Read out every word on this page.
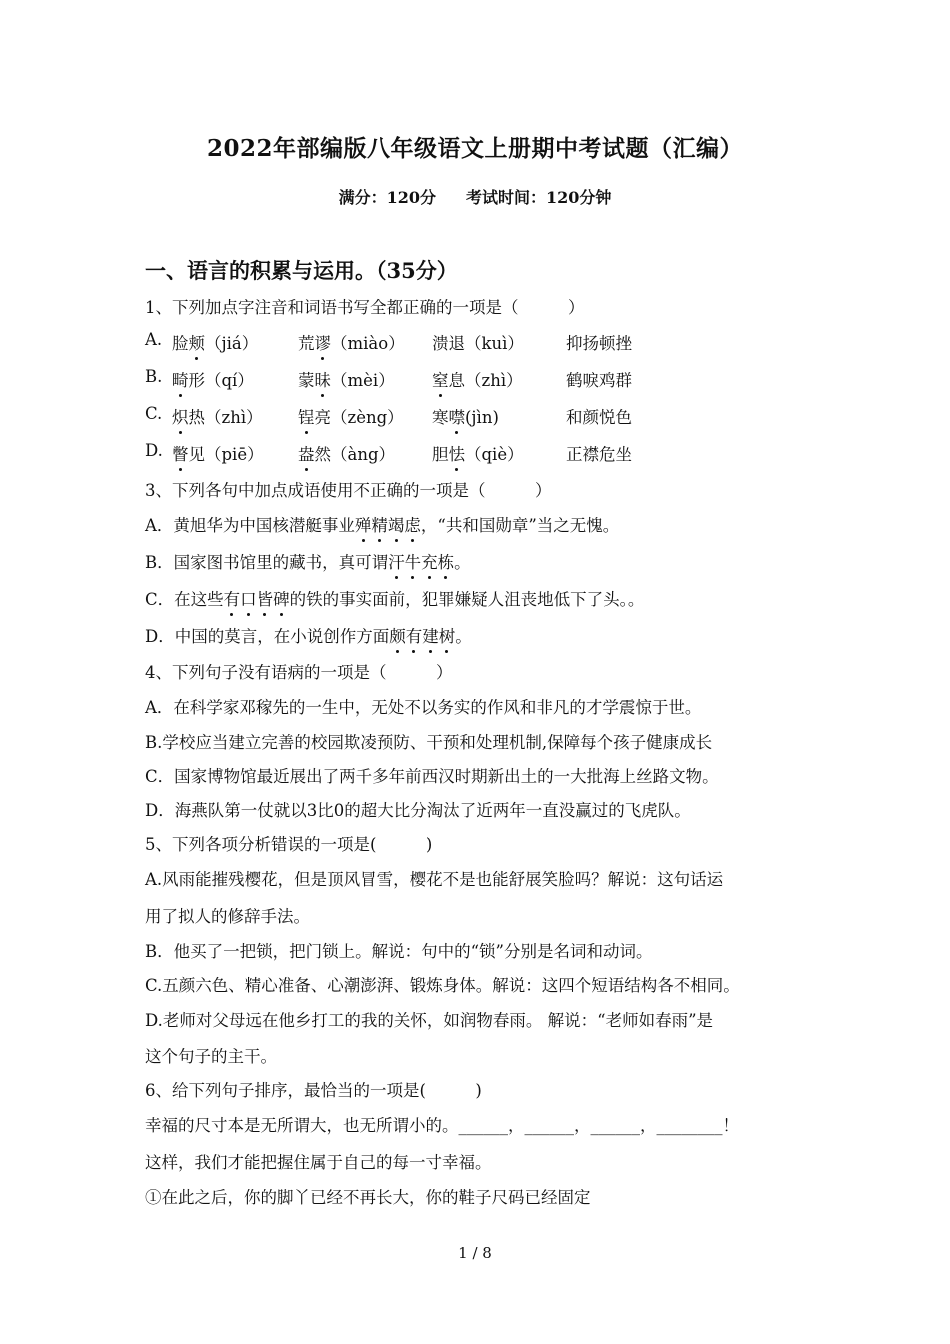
2022年部编版八年级语文上册期中考试题（汇编）
满分：120分 考试时间：120分钟
一、语言的积累与运用。（35分）
1、下列加点字注音和词语书写全都正确的一项是（　　　）
A. 脸颊（jiá） 荒谬（miào） 溃退（kuì）	抑扬顿挫
B. 畸形（qí）	蒙昧（mèi） 窒息（zhì）	鹤唳鸡群
C. 炽热（zhì） 锃亮（zèng） 寒噤(jìn)	和颜悦色
D. 瞥见（piē） 盎然（àng） 胆怯（qiè）	正襟危坐
3、下列各句中加点成语使用不正确的一项是（　　　）
A．黄旭华为中国核潜艇事业殚精竭虑，“共和国勋章”当之无愧。
B．国家图书馆里的藏书，真可谓汗牛充栋。
C．在这些有口皆碑的铁的事实面前，犯罪嫌疑人沮丧地低下了头。。
D．中国的莫言，在小说创作方面颇有建树。
4、下列句子没有语病的一项是（　　　）
A．在科学家邓稼先的一生中，无处不以务实的作风和非凡的才学震惊于世。
B.学校应当建立完善的校园欺凌预防、干预和处理机制,保障每个孩子健康成长
C．国家博物馆最近展出了两千多年前西汉时期新出土的一大批海上丝路文物。
D．海燕队第一仗就以3比0的超大比分淘汰了近两年一直没赢过的飞虎队。
5、下列各项分析错误的一项是(　　　)
A.风雨能摧残樱花，但是顶风冒雪，樱花不是也能舒展笑脸吗？解说：这句话运
用了拟人的修辞手法。
B．他买了一把锁，把门锁上。解说：句中的“锁”分别是名词和动词。
C.五颜六色、精心准备、心潮澎湃、锻炼身体。解说：这四个短语结构各不相同。
D.老师对父母远在他乡打工的我的关怀，如润物春雨。 解说：“老师如春雨”是
这个句子的主干。
6、给下列句子排序，最恰当的一项是(　　　)
幸福的尺寸本是无所谓大，也无所谓小的。______，______，______，________！
这样，我们才能把握住属于自己的每一寸幸福。
①在此之后，你的脚丫已经不再长大，你的鞋子尺码已经固定
1 / 8
